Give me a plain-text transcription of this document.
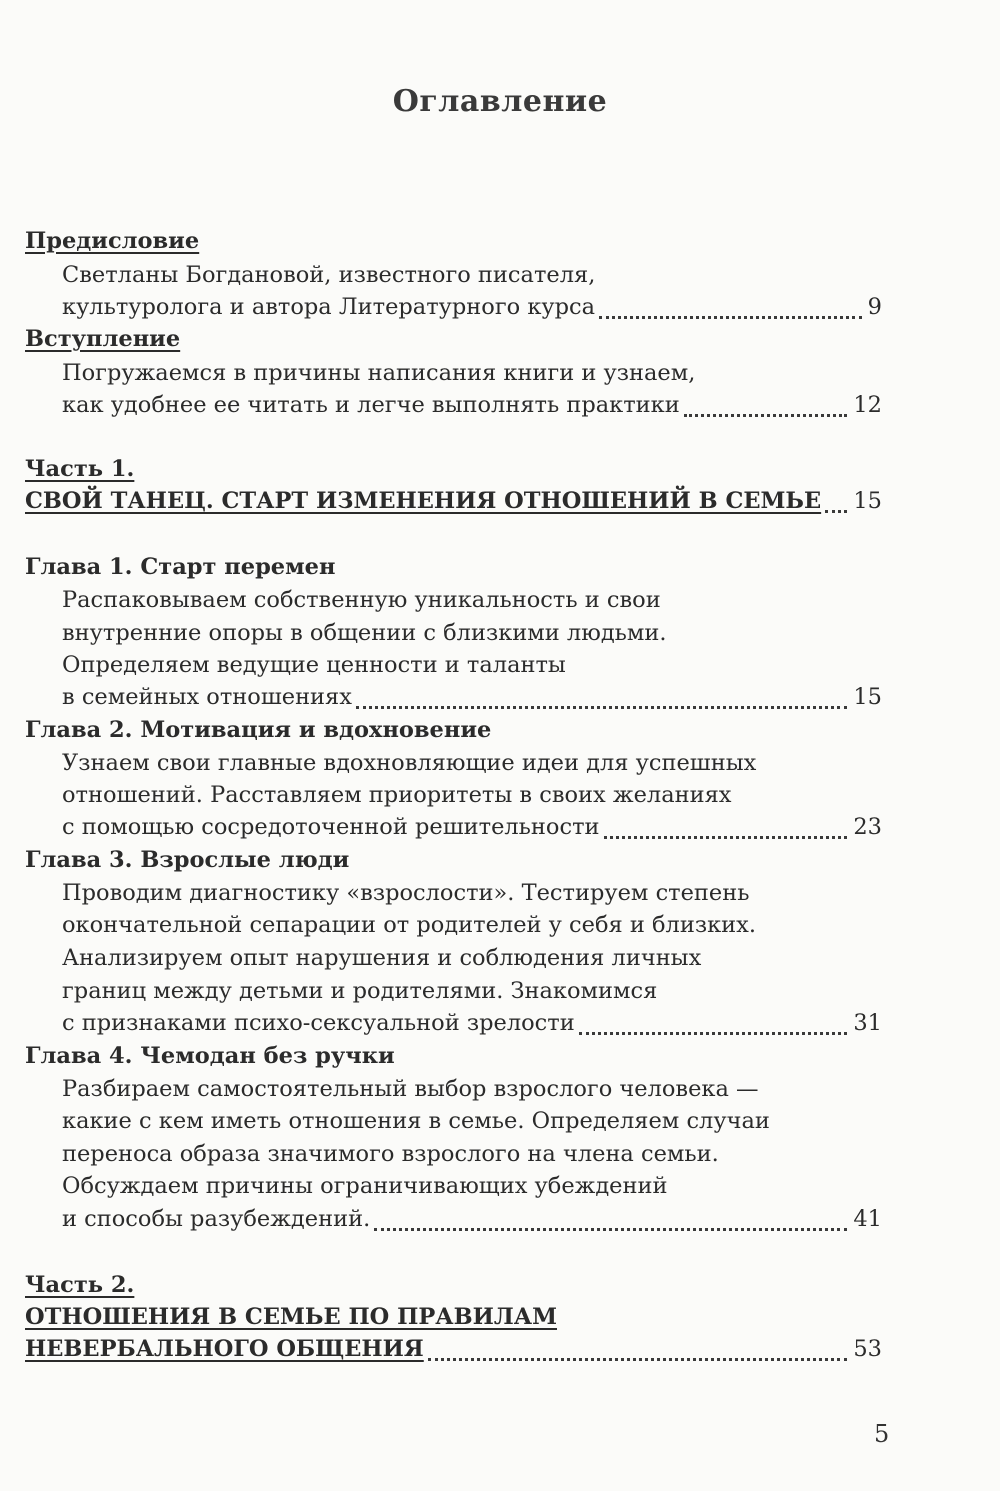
Оглавление
Предисловие
Светланы Богдановой, известного писателя,
культуролога и автора Литературного курса	9
Вступление
Погружаемся в причины написания книги и узнаем,
как удобнее ее читать и легче выполнять практики	12
Часть 1.
СВОЙ ТАНЕЦ. СТАРТ ИЗМЕНЕНИЯ ОТНОШЕНИЙ В СЕМЬЕ 15
Глава 1. Старт перемен
Распаковываем собственную уникальность и свои
внутренние опоры в общении с близкими людьми.
Определяем ведущие ценности и таланты
в семейных отношениях	15
Глава 2. Мотивация и вдохновение
Узнаем свои главные вдохновляющие идеи для успешных
отношений. Расставляем приоритеты в своих желаниях
с помощью сосредоточенной решительности	23
Глава 3. Взрослые люди
Проводим диагностику «взрослости». Тестируем степень
окончательной сепарации от родителей у себя и близких.
Анализируем опыт нарушения и соблюдения личных
границ между детьми и родителями. Знакомимся
с признаками психо-сексуальной зрелости	31
Глава 4. Чемодан без ручки
Разбираем самостоятельный выбор взрослого человека —
какие с кем иметь отношения в семье. Определяем случаи
переноса образа значимого взрослого на члена семьи.
Обсуждаем причины ограничивающих убеждений
и способы разубеждений.	41
Часть 2.
ОТНОШЕНИЯ В СЕМЬЕ ПО ПРАВИЛАМ
НЕВЕРБАЛЬНОГО ОБЩЕНИЯ	53
5
